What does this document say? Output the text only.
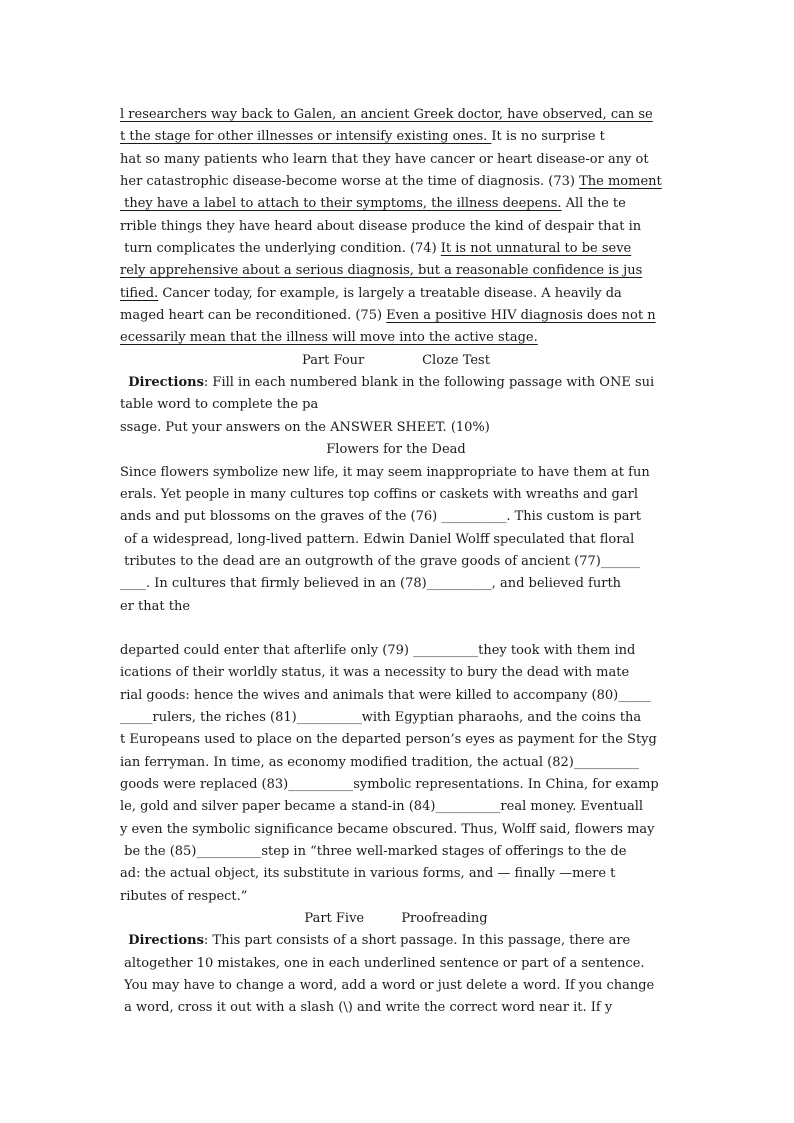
l researchers way back to Galen, an ancient Greek doctor, have observed, can se
t the stage for other illnesses or intensify existing ones. It is no surprise t
hat so many patients who learn that they have cancer or heart disease-or any ot
her catastrophic disease-become worse at the time of diagnosis. (73) The moment
they have a label to attach to their symptoms, the illness deepens. All the te
rrible things they have heard about disease produce the kind of despair that in
turn complicates the underlying condition. (74) It is not unnatural to be seve
rely apprehensive about a serious diagnosis, but a reasonable confidence is jus
tified. Cancer today, for example, is largely a treatable disease. A heavily da
maged heart can be reconditioned. (75) Even a positive HIV diagnosis does not n
ecessarily mean that the illness will move into the active stage.
Part Four              Cloze Test
Directions: Fill in each numbered blank in the following passage with ONE sui
table word to complete the pa
ssage. Put your answers on the ANSWER SHEET. (10%)
Flowers for the Dead
Since flowers symbolize new life, it may seem inappropriate to have them at fun
erals. Yet people in many cultures top coffins or caskets with wreaths and garl
ands and put blossoms on the graves of the (76) __________. This custom is part
of a widespread, long-lived pattern. Edwin Daniel Wolff speculated that floral
tributes to the dead are an outgrowth of the grave goods of ancient (77)______
____. In cultures that firmly believed in an (78)__________, and believed furth
er that the
departed could enter that afterlife only (79) __________they took with them ind
ications of their worldly status, it was a necessity to bury the dead with mate
rial goods: hence the wives and animals that were killed to accompany (80)_____
_____rulers, the riches (81)__________with Egyptian pharaohs, and the coins tha
t Europeans used to place on the departed person’s eyes as payment for the Styg
ian ferryman. In time, as economy modified tradition, the actual (82)__________
goods were replaced (83)__________symbolic representations. In China, for examp
le, gold and silver paper became a stand-in (84)__________real money. Eventuall
y even the symbolic significance became obscured. Thus, Wolff said, flowers may
be the (85)__________step in “three well-marked stages of offerings to the de
ad: the actual object, its substitute in various forms, and — finally —mere t
ributes of respect.”
Part Five         Proofreading
Directions: This part consists of a short passage. In this passage, there are
altogether 10 mistakes, one in each underlined sentence or part of a sentence.
You may have to change a word, add a word or just delete a word. If you change
a word, cross it out with a slash (\) and write the correct word near it. If y
